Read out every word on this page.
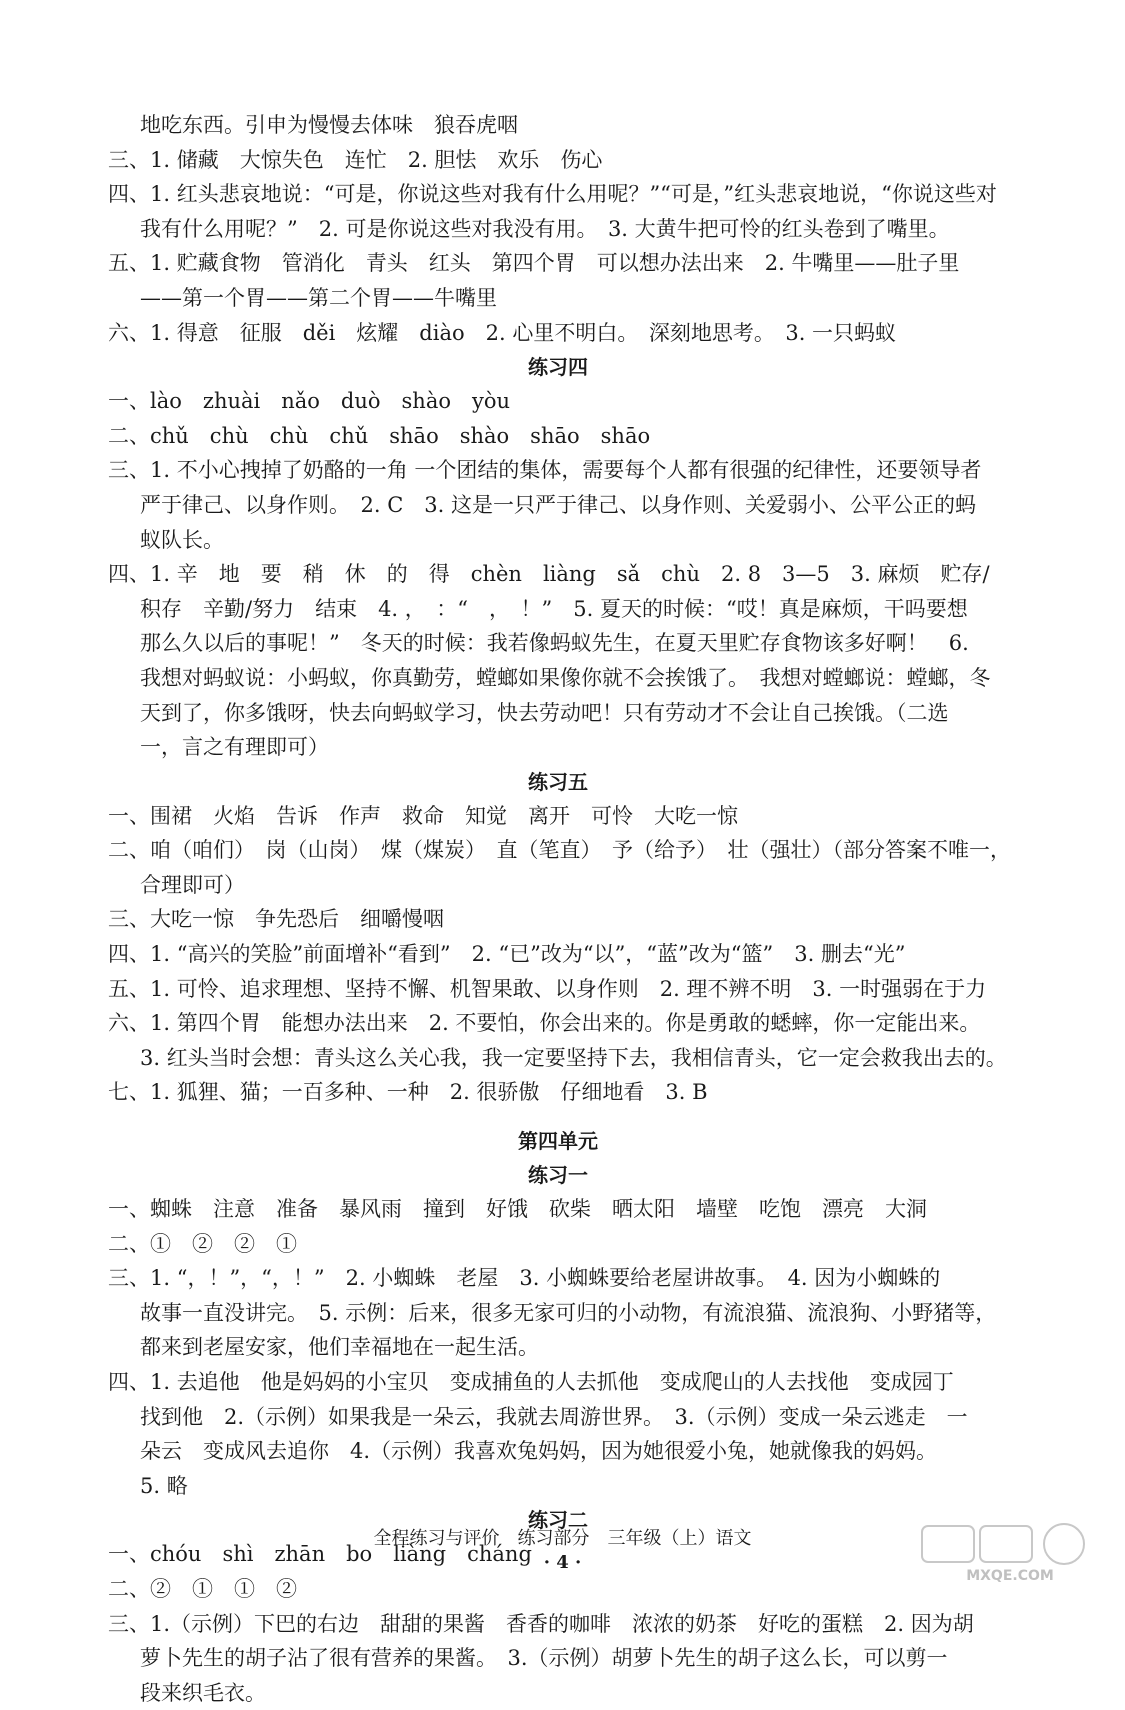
地吃东西。引申为慢慢去体味　狼吞虎咽
三、1. 储藏　大惊失色　连忙　2. 胆怯　欢乐　伤心
四、1. 红头悲哀地说：“可是，你说这些对我有什么用呢？”“可是，”红头悲哀地说，“你说这些对
我有什么用呢？”　2. 可是你说这些对我没有用。　3. 大黄牛把可怜的红头卷到了嘴里。
五、1. 贮藏食物　管消化　青头　红头　第四个胃　可以想办法出来　2. 牛嘴里——肚子里
——第一个胃——第二个胃——牛嘴里
六、1. 得意　征服　děi　炫耀　diào　2. 心里不明白。　深刻地思考。　3. 一只蚂蚁
练习四
一、lào　zhuài　nǎo　duò　shào　yòu
二、chǔ　chù　chù　chǔ　shāo　shào　shāo　shāo
三、1. 不小心拽掉了奶酪的一角 一个团结的集体，需要每个人都有很强的纪律性，还要领导者
严于律己、以身作则。　2. C　3. 这是一只严于律己、以身作则、关爱弱小、公平公正的蚂
蚁队长。
四、1. 辛　地　要　稍　休　的　得　chèn　liàng　sǎ　chù　2. 8　3—5　3. 麻烦　贮存/
积存　辛勤/努力　结束　4. ，　：“　，　！”　5. 夏天的时候：“哎！真是麻烦，干吗要想
那么久以后的事呢！”　冬天的时候：我若像蚂蚁先生，在夏天里贮存食物该多好啊！　6.
我想对蚂蚁说：小蚂蚁，你真勤劳，螳螂如果像你就不会挨饿了。　我想对螳螂说：螳螂，冬
天到了，你多饿呀，快去向蚂蚁学习，快去劳动吧！只有劳动才不会让自己挨饿。（二选
一，言之有理即可）
练习五
一、围裙　火焰　告诉　作声　救命　知觉　离开　可怜　大吃一惊
二、咱（咱们）　岗（山岗）　煤（煤炭）　直（笔直）　予（给予）　壮（强壮）（部分答案不唯一，
合理即可）
三、大吃一惊　争先恐后　细嚼慢咽
四、1. “高兴的笑脸”前面增补“看到”　2. “已”改为“以”，“蓝”改为“篮”　3. 删去“光”
五、1. 可怜、追求理想、坚持不懈、机智果敢、以身作则　2. 理不辨不明　3. 一时强弱在于力
六、1. 第四个胃　能想办法出来　2. 不要怕，你会出来的。你是勇敢的蟋蟀，你一定能出来。
3. 红头当时会想：青头这么关心我，我一定要坚持下去，我相信青头，它一定会救我出去的。
七、1. 狐狸、猫；一百多种、一种　2. 很骄傲　仔细地看　3. B
第四单元
练习一
一、蜘蛛　注意　准备　暴风雨　撞到　好饿　砍柴　晒太阳　墙壁　吃饱　漂亮　大洞
二、①　②　②　①
三、1. “，！”，“，！”　2. 小蜘蛛　老屋　3. 小蜘蛛要给老屋讲故事。　4. 因为小蜘蛛的
故事一直没讲完。　5. 示例：后来，很多无家可归的小动物，有流浪猫、流浪狗、小野猪等，
都来到老屋安家，他们幸福地在一起生活。
四、1. 去追他　他是妈妈的小宝贝　变成捕鱼的人去抓他　变成爬山的人去找他　变成园丁
找到他　2.（示例）如果我是一朵云，我就去周游世界。　3.（示例）变成一朵云逃走　一
朵云　变成风去追你　4.（示例）我喜欢兔妈妈，因为她很爱小兔，她就像我的妈妈。
5. 略
练习二
一、chóu　shì　zhān　bo　liàng　cháng
二、②　①　①　②
三、1.（示例）下巴的右边　甜甜的果酱　香香的咖啡　浓浓的奶茶　好吃的蛋糕　2. 因为胡
萝卜先生的胡子沾了很有营养的果酱。　3.（示例）胡萝卜先生的胡子这么长，可以剪一
段来织毛衣。
全程练习与评价　练习部分　三年级（上）语文
· 4 ·
MXQE.COM
